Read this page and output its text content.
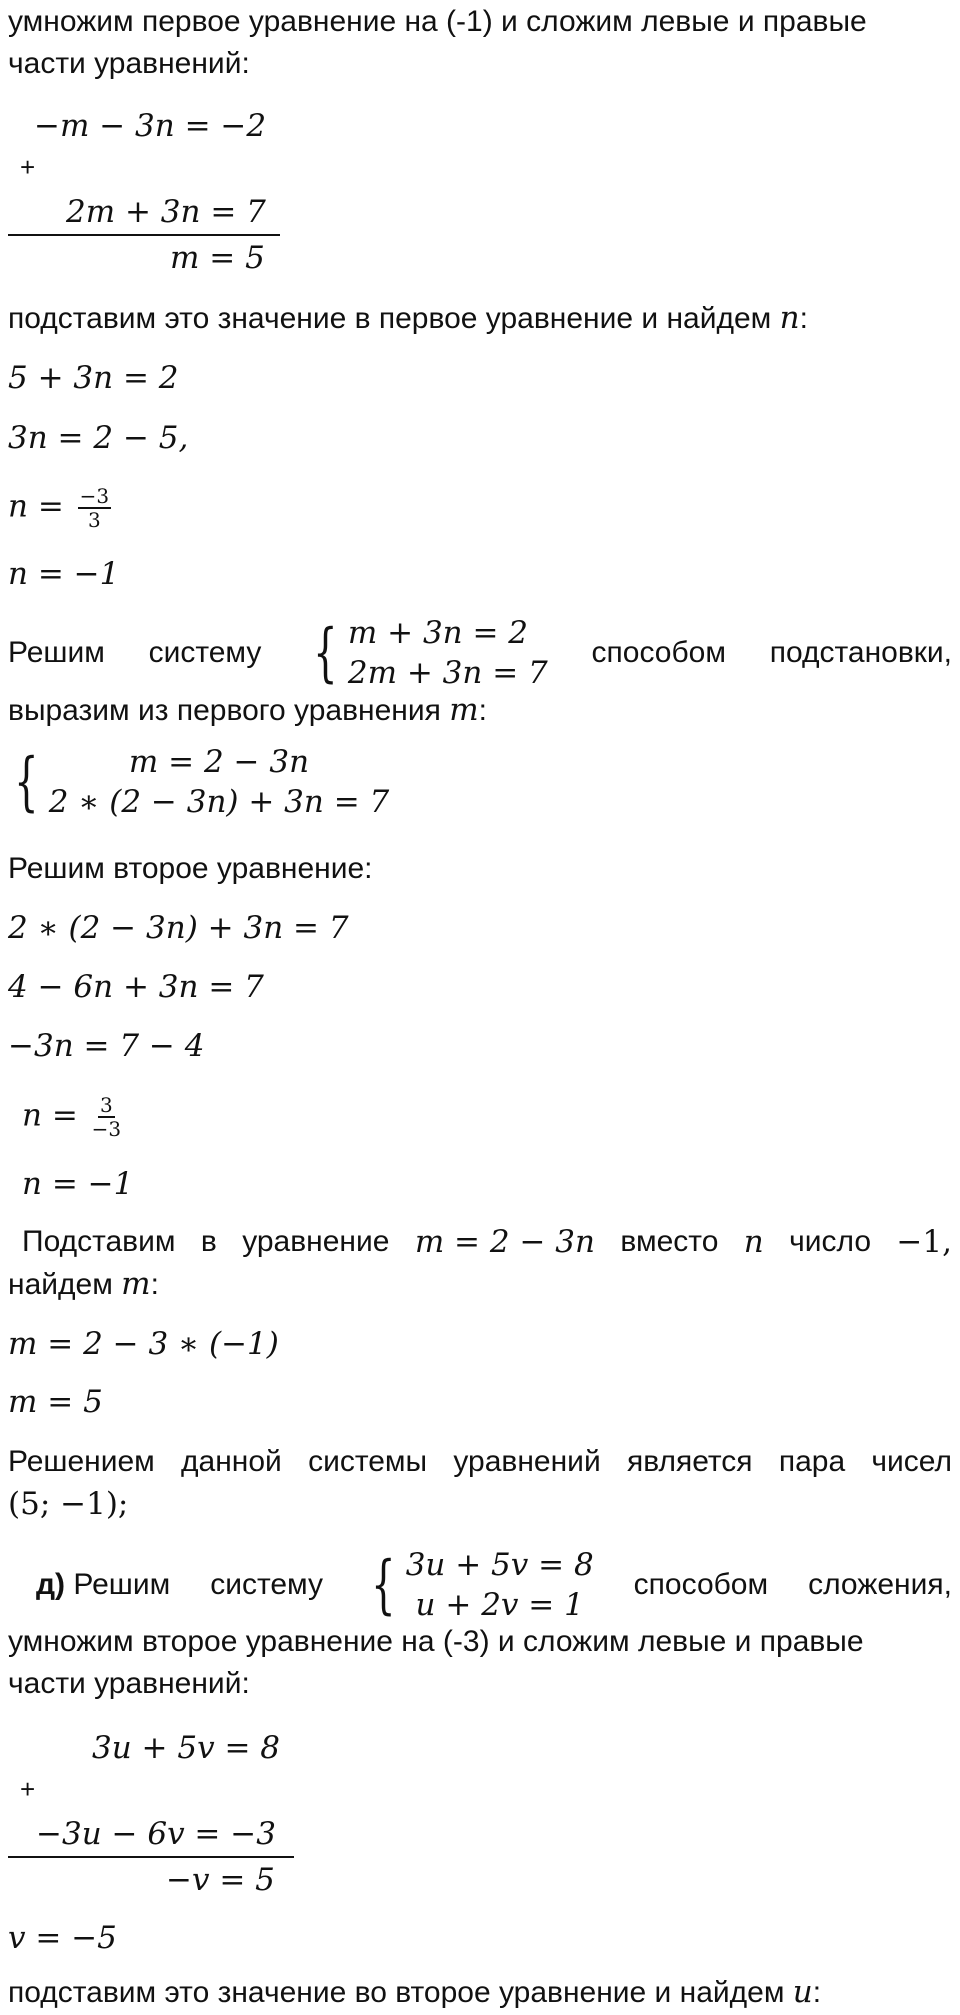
умножим первое уравнение на (-1) и сложим левые и правые
части уравнений:
−m − 3n = −2
+
2m + 3n = 7
m = 5
подставим это значение в первое уравнение и найдем n:
5 + 3n = 2
3n = 2 − 5,
$n = \frac{-3}{3}$
n = −1
Решим систему { m + 3n = 2
2m + 3n = 7
способом подстановки,
выразим из первого уравнения m:
{	m = 2 − 3n
2 ∗ (2 − 3n) + 3n = 7
Решим второе уравнение:
2 ∗ (2 − 3n) + 3n = 7
4 − 6n + 3n = 7
−3n = 7 − 4
$n = \frac{3}{-3}$
n = −1
Подставим в уравнение m = 2 − 3n вместо n число −1,
найдем m:
m = 2 − 3 ∗ (−1)
m = 5
Решением данной системы уравнений является пара чисел
(5; −1);
д) Решим систему { 3u + 5v = 8
u + 2v = 1
способом сложения,
умножим второе уравнение на (-3) и сложим левые и правые
части уравнений:
3u + 5v = 8
+
−3u − 6v = −3
−v = 5
v = −5
подставим это значение во второе уравнение и найдем u:
